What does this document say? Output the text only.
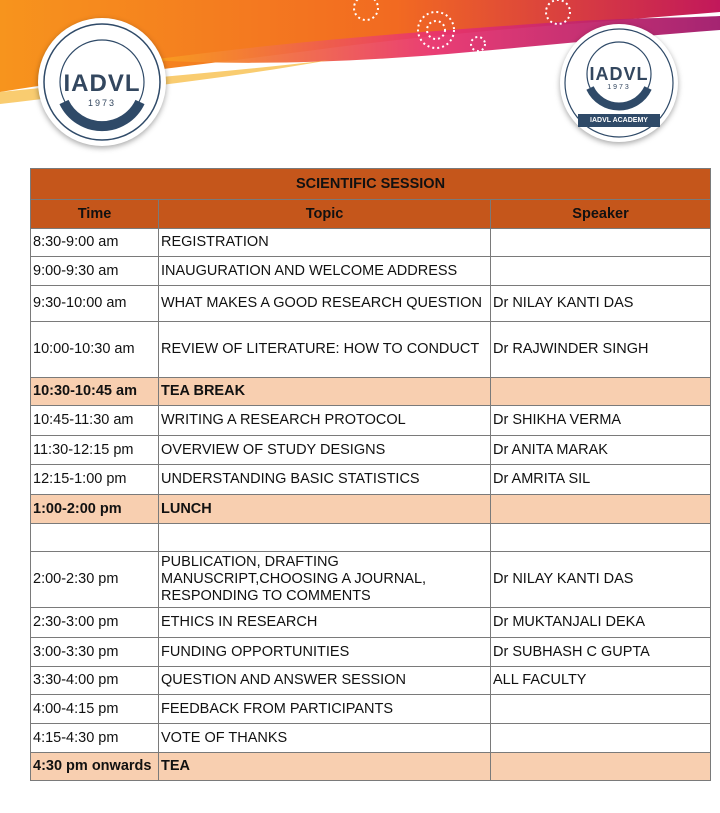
IADVL
1973
IADVL
1973
IADVL ACADEMY
SCIENTIFIC SESSION		
Time	Topic	Speaker
8:30-9:00 am	REGISTRATION	
9:00-9:30 am	INAUGURATION AND WELCOME ADDRESS	
9:30-10:00 am	WHAT MAKES A GOOD RESEARCH QUESTION	Dr NILAY KANTI DAS
10:00-10:30 am	REVIEW OF LITERATURE: HOW TO CONDUCT	Dr RAJWINDER SINGH
10:30-10:45 am	TEA BREAK	
10:45-11:30 am	WRITING A RESEARCH PROTOCOL	Dr SHIKHA VERMA
11:30-12:15 pm	OVERVIEW OF STUDY DESIGNS	Dr ANITA MARAK
12:15-1:00 pm	UNDERSTANDING BASIC STATISTICS	Dr AMRITA SIL
1:00-2:00 pm	LUNCH	

2:00-2:30 pm	PUBLICATION, DRAFTING MANUSCRIPT,CHOOSING A JOURNAL, RESPONDING TO COMMENTS	Dr NILAY KANTI DAS
2:30-3:00 pm	ETHICS IN RESEARCH	Dr MUKTANJALI DEKA
3:00-3:30 pm	FUNDING OPPORTUNITIES	Dr SUBHASH C GUPTA
3:30-4:00 pm	QUESTION AND ANSWER SESSION	ALL FACULTY
4:00-4:15 pm	FEEDBACK FROM PARTICIPANTS	
4:15-4:30 pm	VOTE OF THANKS	
4:30 pm onwards	TEA	
